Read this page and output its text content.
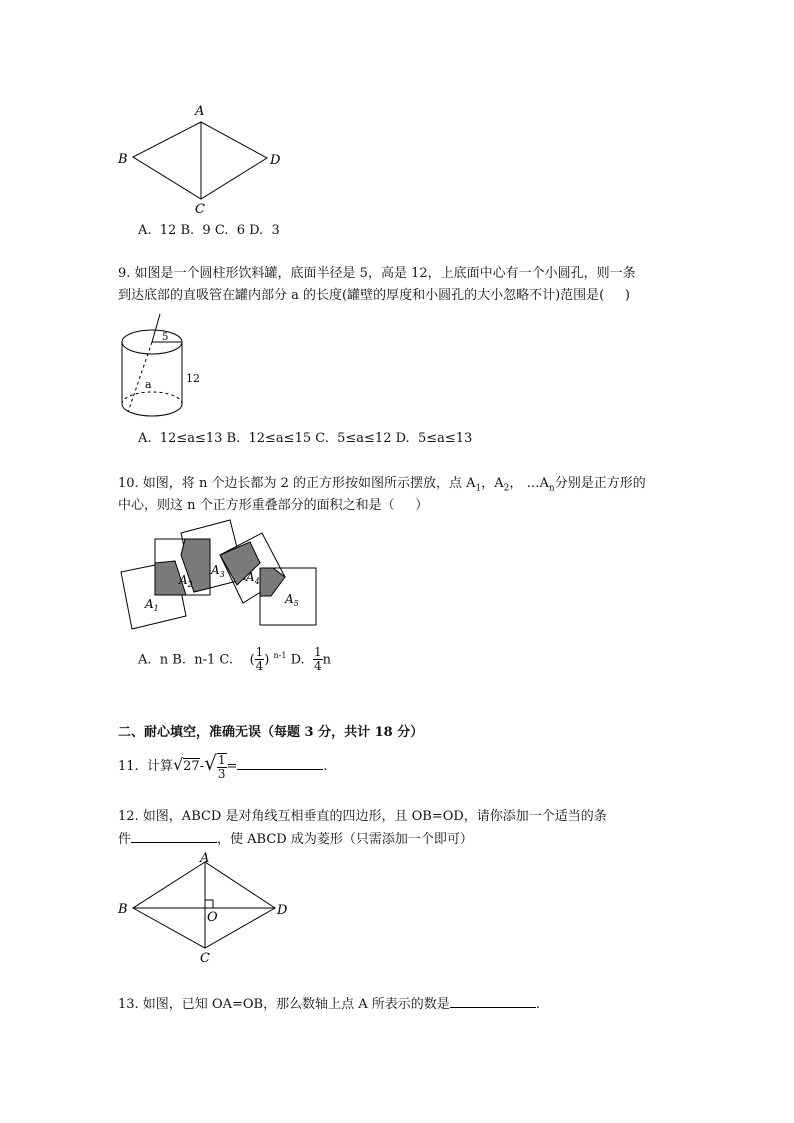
A
B
C
D
A.  12 B.  9 C.  6 D.  3
9. 如图是一个圆柱形饮料罐，底面半径是 5，高是 12，上底面中心有一个小圆孔，则一条
到达底部的直吸管在罐内部分 a 的长度(罐壁的厚度和小圆孔的大小忽略不计)范围是(     )
5
12
a
A.  12≤a≤13 B.  12≤a≤15 C.  5≤a≤12 D.  5≤a≤13
10. 如图，将 n 个边长都为 2 的正方形按如图所示摆放，点 $A_1$，$A_2$， $\dots A_n$分别是正方形的
中心，则这 n 个正方形重叠部分的面积之和是（     ）
$A_1$
$A_2$
$A_3$ $A_4$
$A_5$
A.  n B.  n-1 C. ( $\frac{1}{4}$ ) $^{n-1}$ D. $\frac{1}{4}$ n
二、耐心填空，准确无误（每题 3 分，共计 18 分）
11.  计算$√27-√ \frac{1}{3}$ =	.
12. 如图，ABCD 是对角线互相垂直的四边形，且 OB=OD，请你添加一个适当的条
件	，使 ABCD 成为菱形（只需添加一个即可）
A
B
C
D
O
13. 如图，已知 OA=OB，那么数轴上点 A 所表示的数是	.
